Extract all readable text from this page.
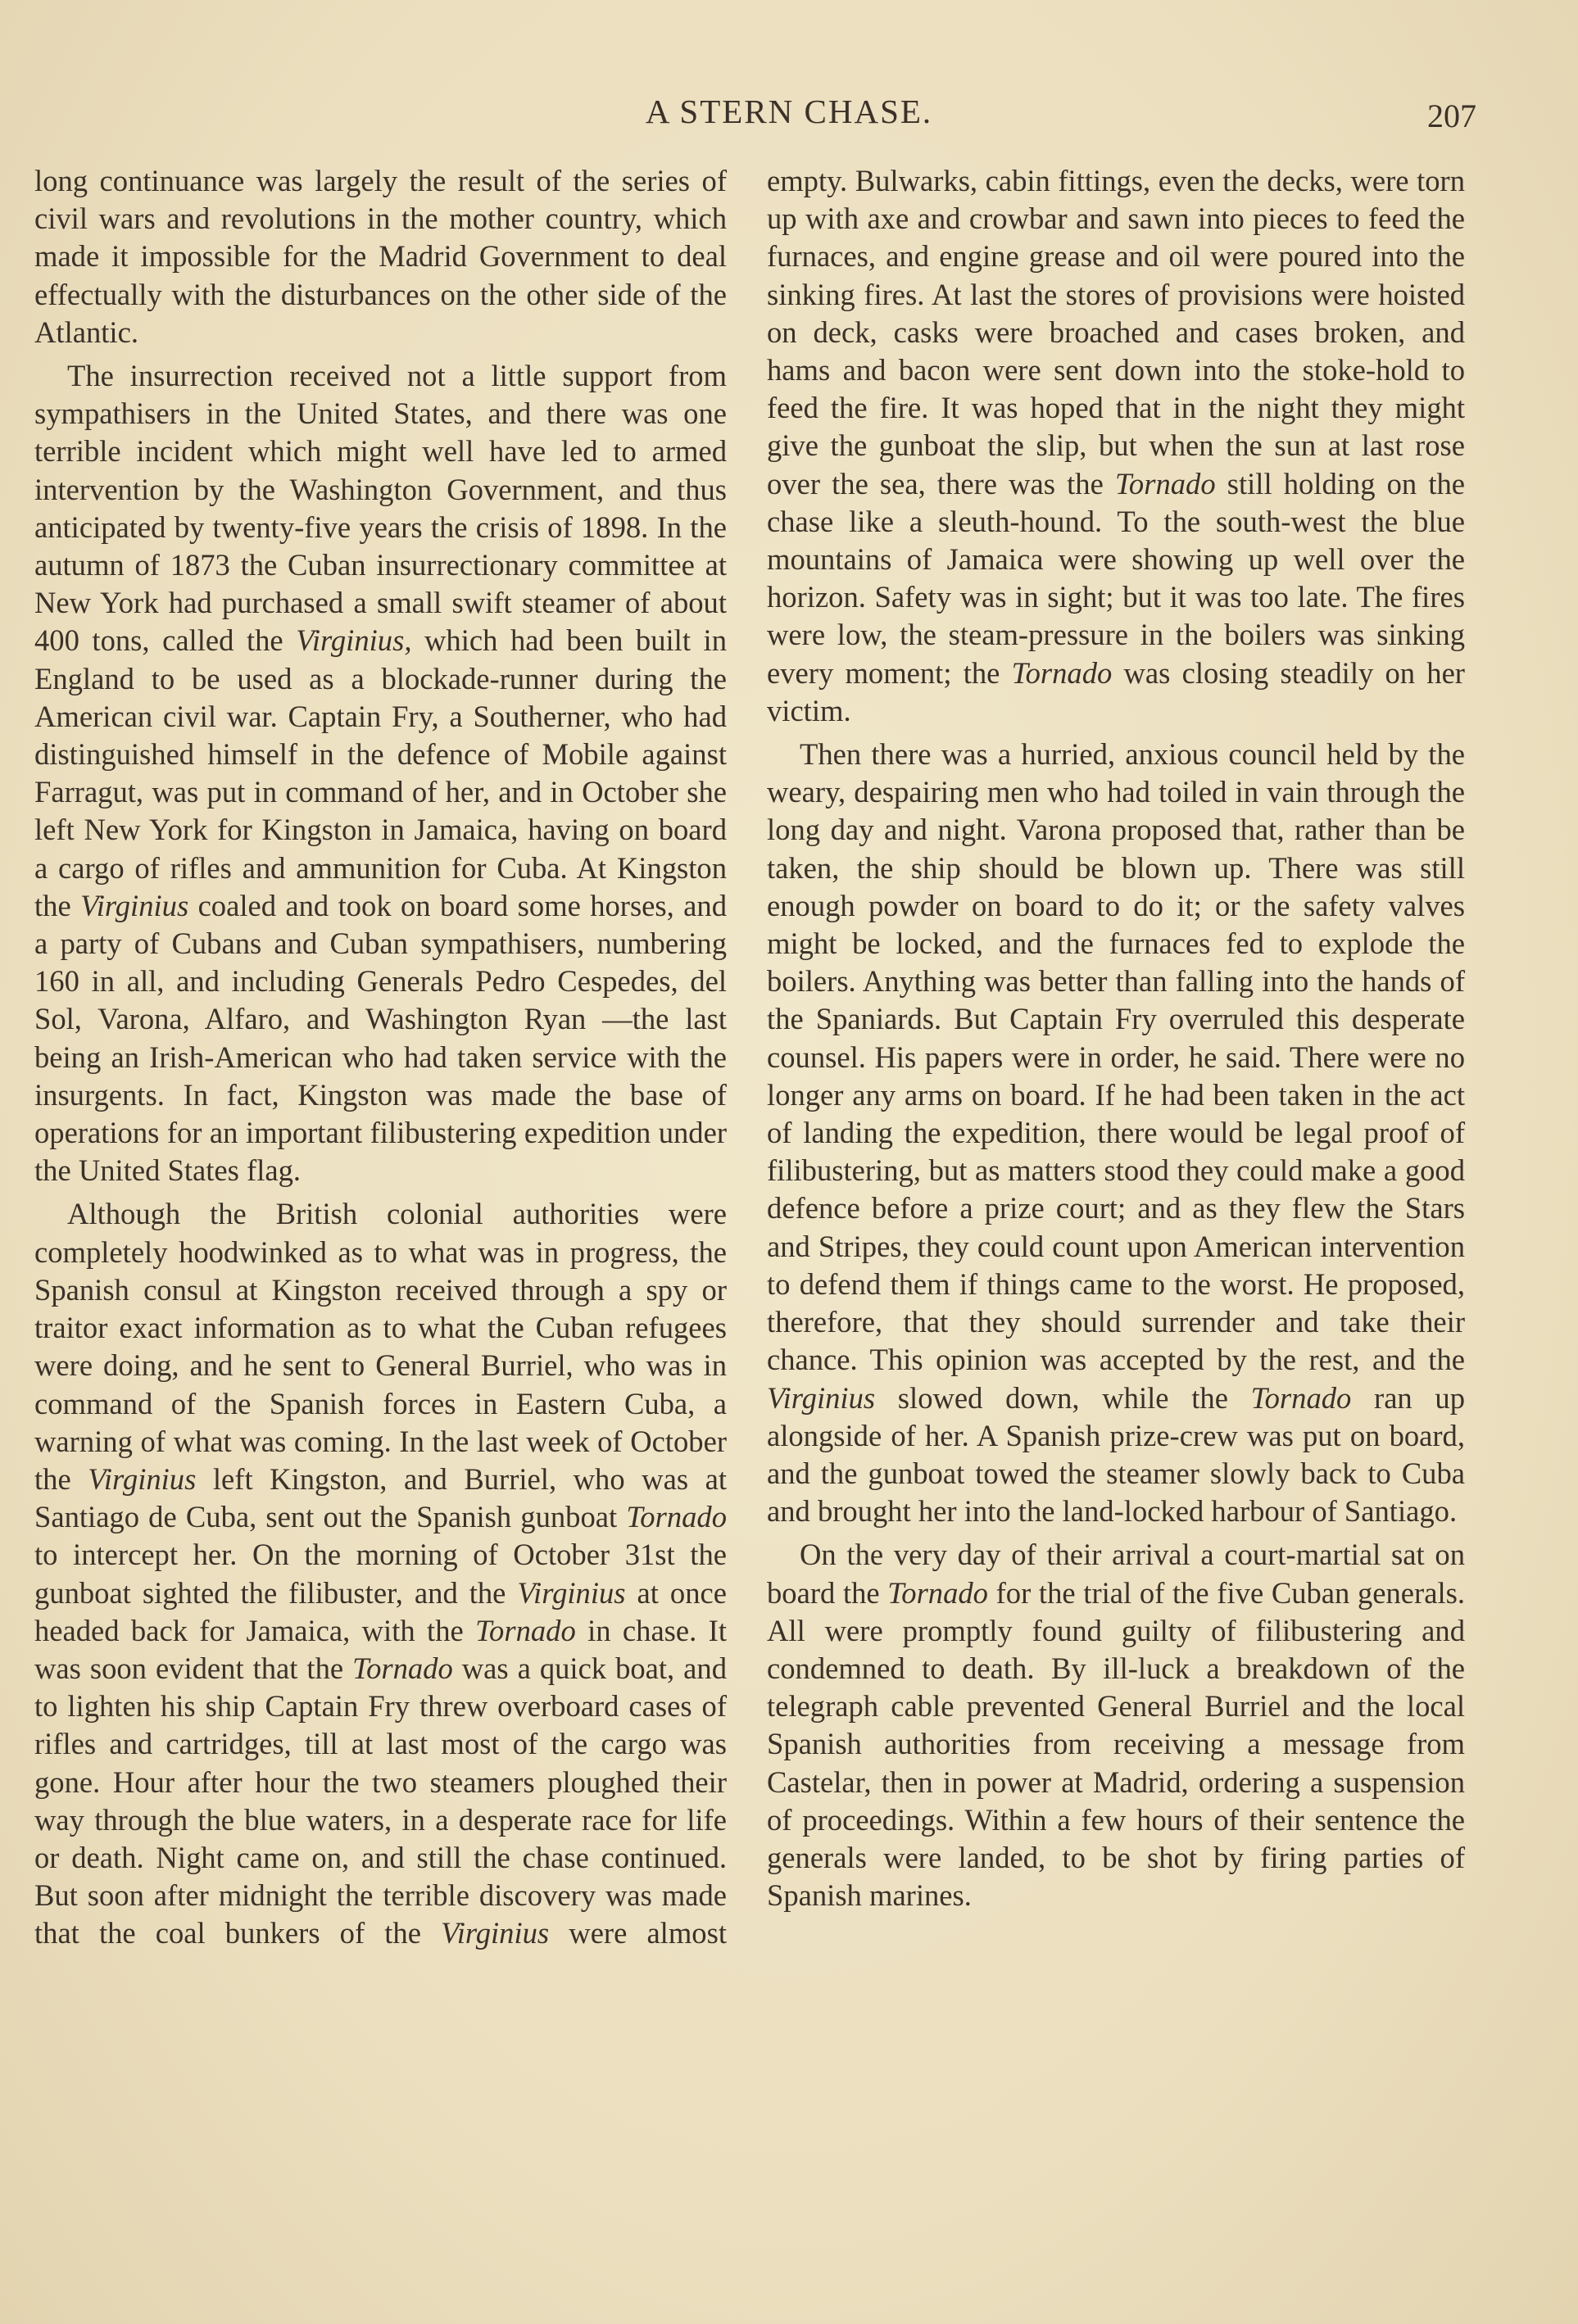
A STERN CHASE.	207

long continuance was largely the result of the series of civil wars and revolutions in the mother country, which made it impossible for the Madrid Government to deal effectually with the disturbances on the other side of the Atlantic.

The insurrection received not a little support from sympathisers in the United States, and there was one terrible incident which might well have led to armed intervention by the Washington Government, and thus anticipated by twenty-five years the crisis of 1898. In the autumn of 1873 the Cuban insurrectionary committee at New York had purchased a small swift steamer of about 400 tons, called the Virginius, which had been built in England to be used as a blockade-runner during the American civil war. Captain Fry, a Southerner, who had distinguished himself in the defence of Mobile against Farragut, was put in command of her, and in October she left New York for Kingston in Jamaica, having on board a cargo of rifles and ammunition for Cuba. At Kingston the Virginius coaled and took on board some horses, and a party of Cubans and Cuban sympathisers, numbering 160 in all, and including Generals Pedro Cespedes, del Sol, Varona, Alfaro, and Washington Ryan —the last being an Irish-American who had taken service with the insurgents. In fact, Kingston was made the base of operations for an important filibustering expedition under the United States flag.

Although the British colonial authorities were completely hoodwinked as to what was in progress, the Spanish consul at Kingston received through a spy or traitor exact information as to what the Cuban refugees were doing, and he sent to General Burriel, who was in command of the Spanish forces in Eastern Cuba, a warning of what was coming. In the last week of October the Virginius left Kingston, and Burriel, who was at Santiago de Cuba, sent out the Spanish gunboat Tornado to intercept her. On the morning of October 31st the gunboat sighted the filibuster, and the Virginius at once headed back for Jamaica, with the Tornado in chase. It was soon evident that the Tornado was a quick boat, and to lighten his ship Captain Fry threw overboard cases of rifles and cartridges, till at last most of the cargo was gone. Hour after hour the two steamers ploughed their way through the blue waters, in a desperate race for life or death. Night came on, and still the chase continued. But soon after midnight the terrible discovery was made that the coal bunkers of the Virginius were almost

empty. Bulwarks, cabin fittings, even the decks, were torn up with axe and crowbar and sawn into pieces to feed the furnaces, and engine grease and oil were poured into the sinking fires. At last the stores of provisions were hoisted on deck, casks were broached and cases broken, and hams and bacon were sent down into the stoke-hold to feed the fire. It was hoped that in the night they might give the gunboat the slip, but when the sun at last rose over the sea, there was the Tornado still holding on the chase like a sleuth-hound. To the south-west the blue mountains of Jamaica were showing up well over the horizon. Safety was in sight; but it was too late. The fires were low, the steam-pressure in the boilers was sinking every moment; the Tornado was closing steadily on her victim.

Then there was a hurried, anxious council held by the weary, despairing men who had toiled in vain through the long day and night. Varona proposed that, rather than be taken, the ship should be blown up. There was still enough powder on board to do it; or the safety valves might be locked, and the furnaces fed to explode the boilers. Anything was better than falling into the hands of the Spaniards. But Captain Fry overruled this desperate counsel. His papers were in order, he said. There were no longer any arms on board. If he had been taken in the act of landing the expedition, there would be legal proof of filibustering, but as matters stood they could make a good defence before a prize court; and as they flew the Stars and Stripes, they could count upon American intervention to defend them if things came to the worst. He proposed, therefore, that they should surrender and take their chance. This opinion was accepted by the rest, and the Virginius slowed down, while the Tornado ran up alongside of her. A Spanish prize-crew was put on board, and the gunboat towed the steamer slowly back to Cuba and brought her into the land-locked harbour of Santiago.

On the very day of their arrival a court-martial sat on board the Tornado for the trial of the five Cuban generals. All were promptly found guilty of filibustering and condemned to death. By ill-luck a breakdown of the telegraph cable prevented General Burriel and the local Spanish authorities from receiving a message from Castelar, then in power at Madrid, ordering a suspension of proceedings. Within a few hours of their sentence the generals were landed, to be shot by firing parties of Spanish marines.
